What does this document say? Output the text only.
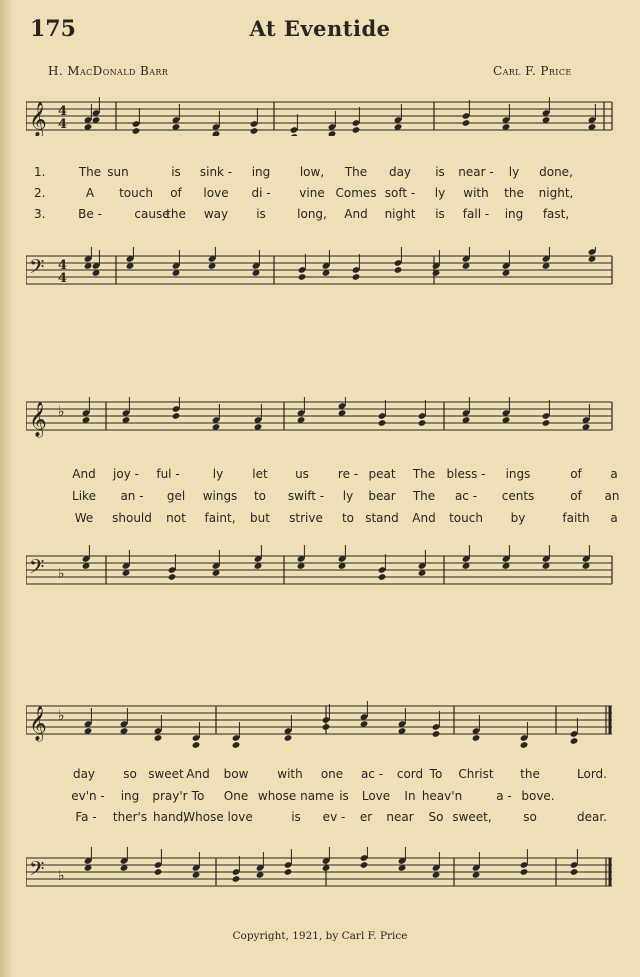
175	At Eventide
H. MacDonald Barr	Carl F. Price
𝄞 4
4
1.	The sun	is sink - ing low, The day is near - ly done,
2.	A touch of love di - vine Comes soft - ly with the night,
3.	Be -	cause
the way is	long, And night is fall - ing fast,
𝄢 4
4
𝄞 ♭
And joy - ful -	ly let us re - peat The bless - ings	of a
Like an - gel wings to swift - ly bear The ac - cents	of an
We should not faint, but strive to stand And touch by	faith a
𝄢 ♭
𝄞 ♭
day so sweet And bow with one ac - cord To Christ the	Lord.
ev'n - ing pray'r To One whose name is Love In heav'n	a - bove.
Fa - ther's hand,
Whose love	is ev - er near So sweet,	so	dear.
𝄢 ♭
Copyright, 1921, by Carl F. Price
